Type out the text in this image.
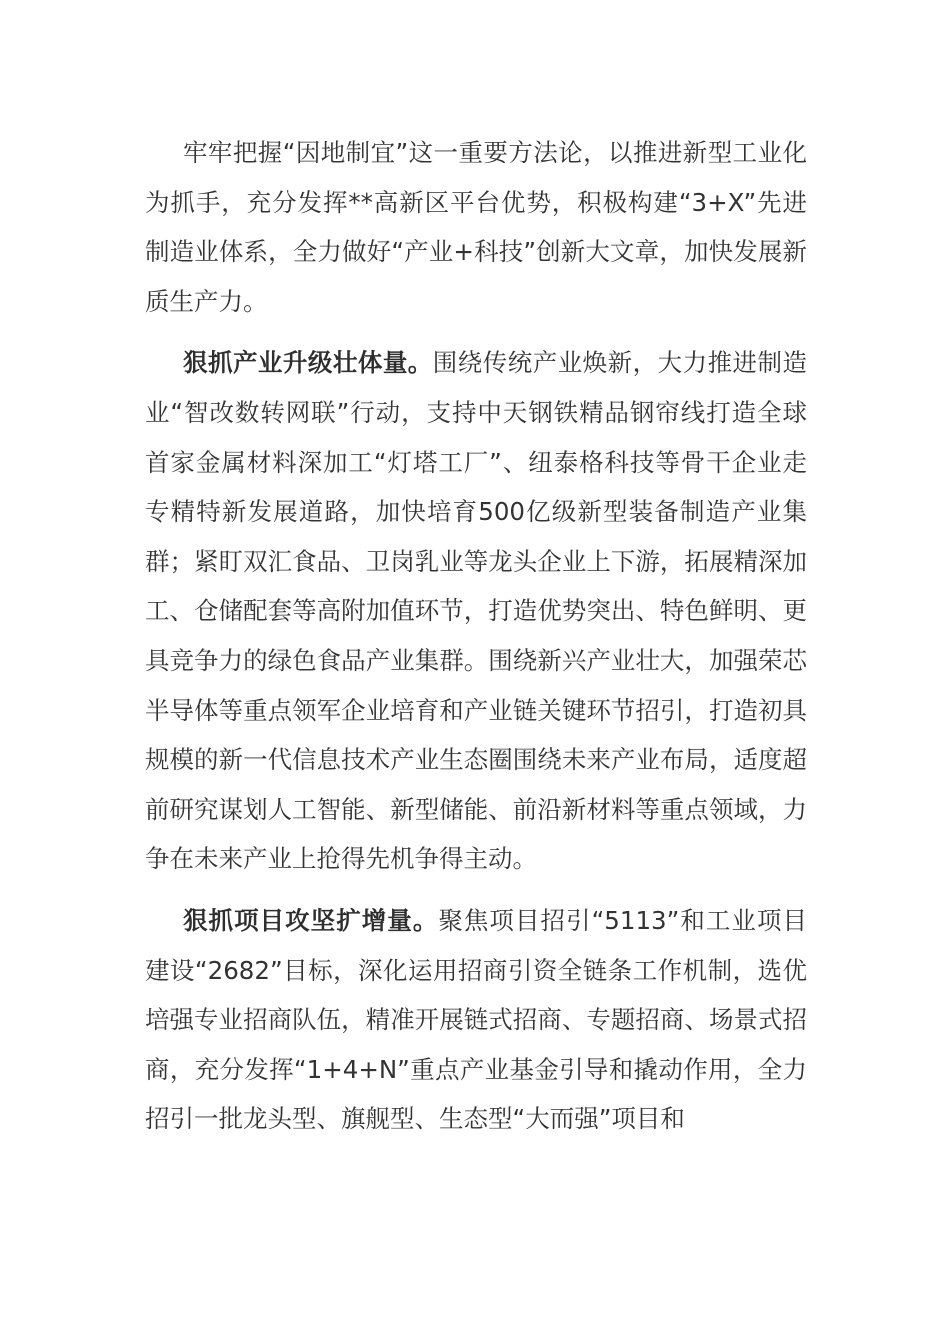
牢牢把握“因地制宜”这一重要方法论，以推进新型工业化为抓手，充分发挥**高新区平台优势，积极构建“3+X”先进制造业体系，全力做好“产业+科技”创新大文章，加快发展新质生产力。

狠抓产业升级壮体量。围绕传统产业焕新，大力推进制造业“智改数转网联”行动，支持中天钢铁精品钢帘线打造全球首家金属材料深加工“灯塔工厂”、纽泰格科技等骨干企业走专精特新发展道路，加快培育500亿级新型装备制造产业集群；紧盯双汇食品、卫岗乳业等龙头企业上下游，拓展精深加工、仓储配套等高附加值环节，打造优势突出、特色鲜明、更具竞争力的绿色食品产业集群。围绕新兴产业壮大，加强荣芯半导体等重点领军企业培育和产业链关键环节招引，打造初具规模的新一代信息技术产业生态圈围绕未来产业布局，适度超前研究谋划人工智能、新型储能、前沿新材料等重点领域，力争在未来产业上抢得先机争得主动。

狠抓项目攻坚扩增量。聚焦项目招引“5113”和工业项目建设“2682”目标，深化运用招商引资全链条工作机制，选优培强专业招商队伍，精准开展链式招商、专题招商、场景式招商，充分发挥“1+4+N”重点产业基金引导和撬动作用，全力招引一批龙头型、旗舰型、生态型“大而强”项目和
